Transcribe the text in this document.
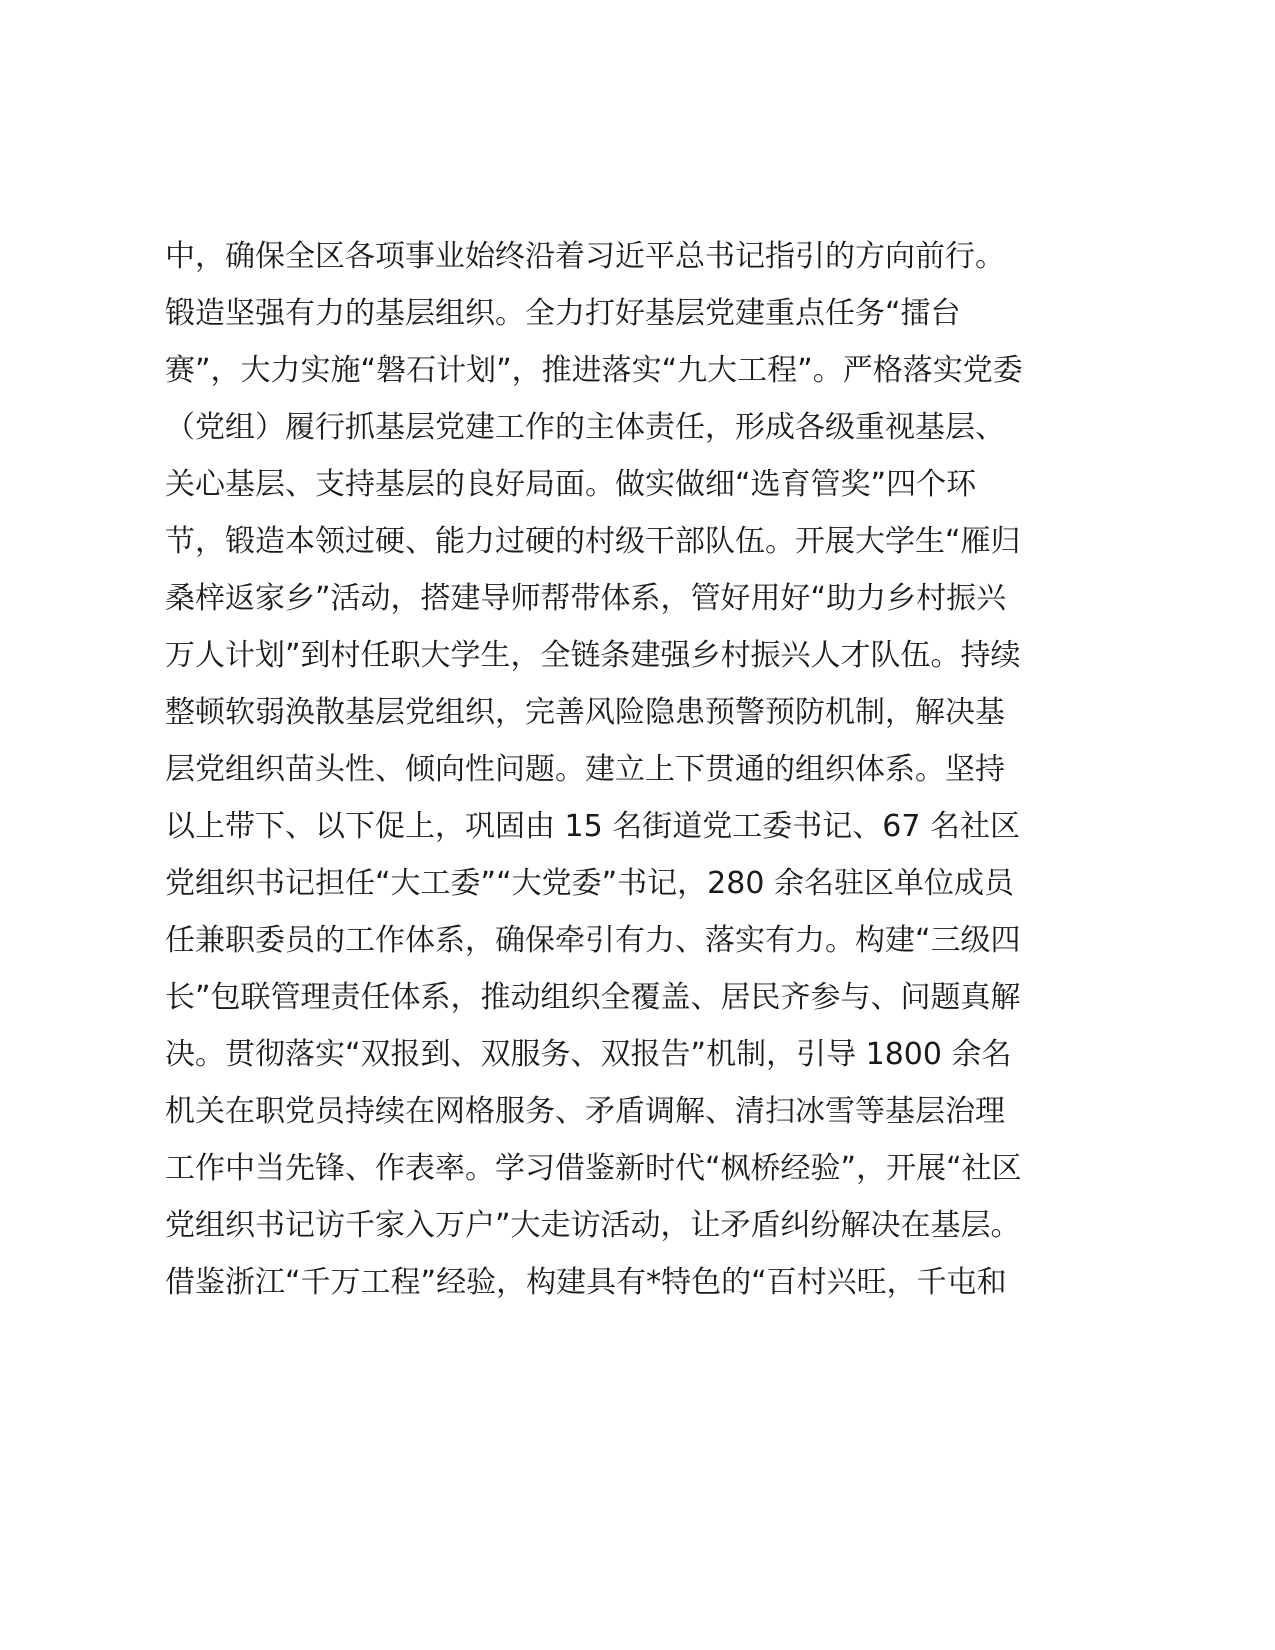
中，确保全区各项事业始终沿着习近平总书记指引的方向前行。
锻造坚强有力的基层组织。全力打好基层党建重点任务“擂台
赛”，大力实施“磐石计划”，推进落实“九大工程”。严格落实党委
（党组）履行抓基层党建工作的主体责任，形成各级重视基层、
关心基层、支持基层的良好局面。做实做细“选育管奖”四个环
节，锻造本领过硬、能力过硬的村级干部队伍。开展大学生“雁归
桑梓返家乡”活动，搭建导师帮带体系，管好用好“助力乡村振兴
万人计划”到村任职大学生，全链条建强乡村振兴人才队伍。持续
整顿软弱涣散基层党组织，完善风险隐患预警预防机制，解决基
层党组织苗头性、倾向性问题。建立上下贯通的组织体系。坚持
以上带下、以下促上，巩固由 15 名街道党工委书记、67 名社区
党组织书记担任“大工委”“大党委”书记，280 余名驻区单位成员
任兼职委员的工作体系，确保牵引有力、落实有力。构建“三级四
长”包联管理责任体系，推动组织全覆盖、居民齐参与、问题真解
决。贯彻落实“双报到、双服务、双报告”机制，引导 1800 余名
机关在职党员持续在网格服务、矛盾调解、清扫冰雪等基层治理
工作中当先锋、作表率。学习借鉴新时代“枫桥经验”，开展“社区
党组织书记访千家入万户”大走访活动，让矛盾纠纷解决在基层。
借鉴浙江“千万工程”经验，构建具有*特色的“百村兴旺，千屯和
